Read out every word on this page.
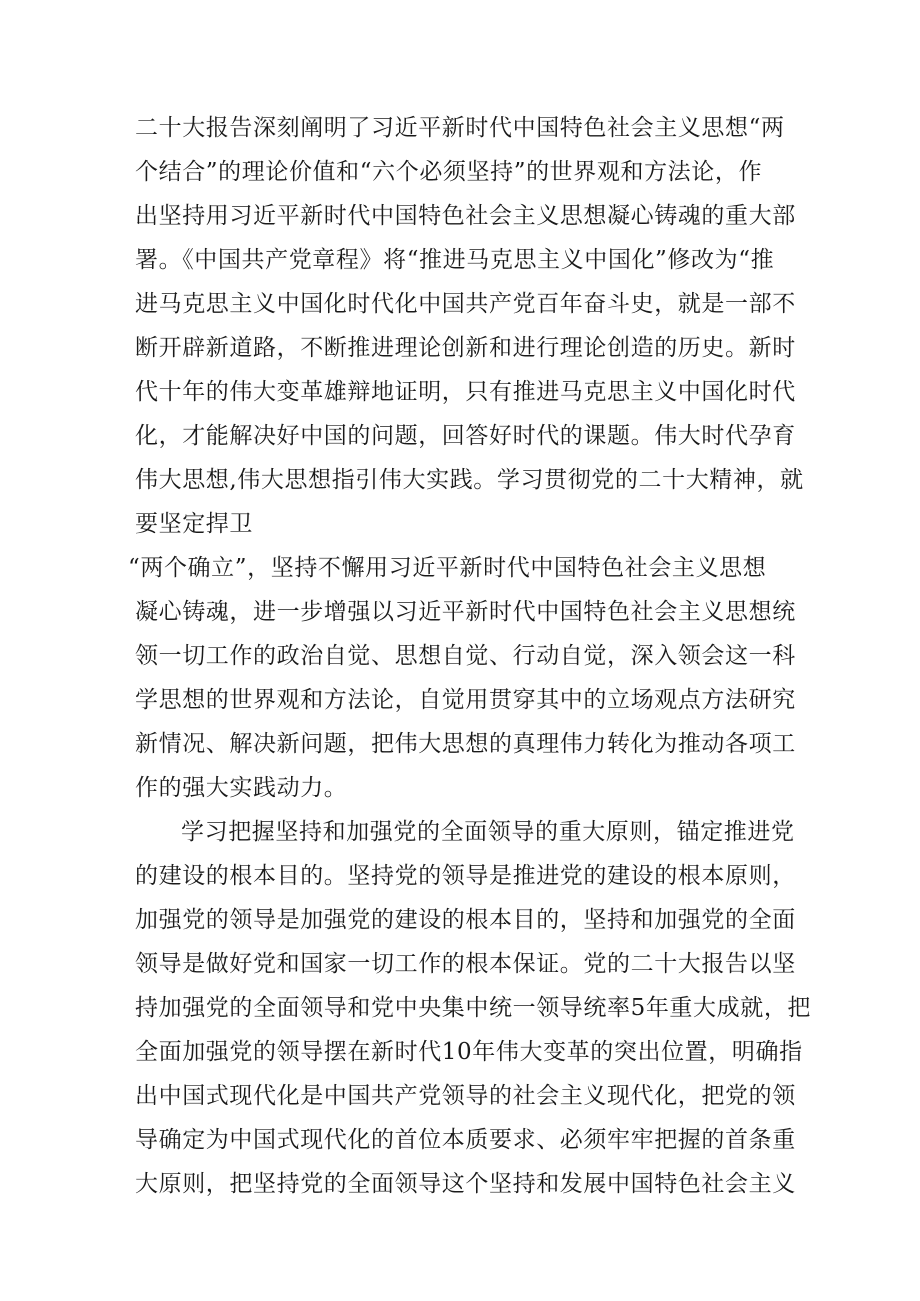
二十大报告深刻阐明了习近平新时代中国特色社会主义思想“两
个结合”的理论价值和“六个必须坚持”的世界观和方法论，作
出坚持用习近平新时代中国特色社会主义思想凝心铸魂的重大部
署。《中国共产党章程》将“推进马克思主义中国化”修改为“推
进马克思主义中国化时代化中国共产党百年奋斗史，就是一部不
断开辟新道路，不断推进理论创新和进行理论创造的历史。新时
代十年的伟大变革雄辩地证明，只有推进马克思主义中国化时代
化，才能解决好中国的问题，回答好时代的课题。伟大时代孕育
伟大思想,伟大思想指引伟大实践。学习贯彻党的二十大精神，就
要坚定捍卫
“两个确立”，坚持不懈用习近平新时代中国特色社会主义思想
凝心铸魂，进一步增强以习近平新时代中国特色社会主义思想统
领一切工作的政治自觉、思想自觉、行动自觉，深入领会这一科
学思想的世界观和方法论，自觉用贯穿其中的立场观点方法研究
新情况、解决新问题，把伟大思想的真理伟力转化为推动各项工
作的强大实践动力。
学习把握坚持和加强党的全面领导的重大原则，锚定推进党
的建设的根本目的。坚持党的领导是推进党的建设的根本原则，
加强党的领导是加强党的建设的根本目的，坚持和加强党的全面
领导是做好党和国家一切工作的根本保证。党的二十大报告以坚
持加强党的全面领导和党中央集中统一领导统率5年重大成就，把
全面加强党的领导摆在新时代10年伟大变革的突出位置，明确指
出中国式现代化是中国共产党领导的社会主义现代化，把党的领
导确定为中国式现代化的首位本质要求、必须牢牢把握的首条重
大原则，把坚持党的全面领导这个坚持和发展中国特色社会主义
